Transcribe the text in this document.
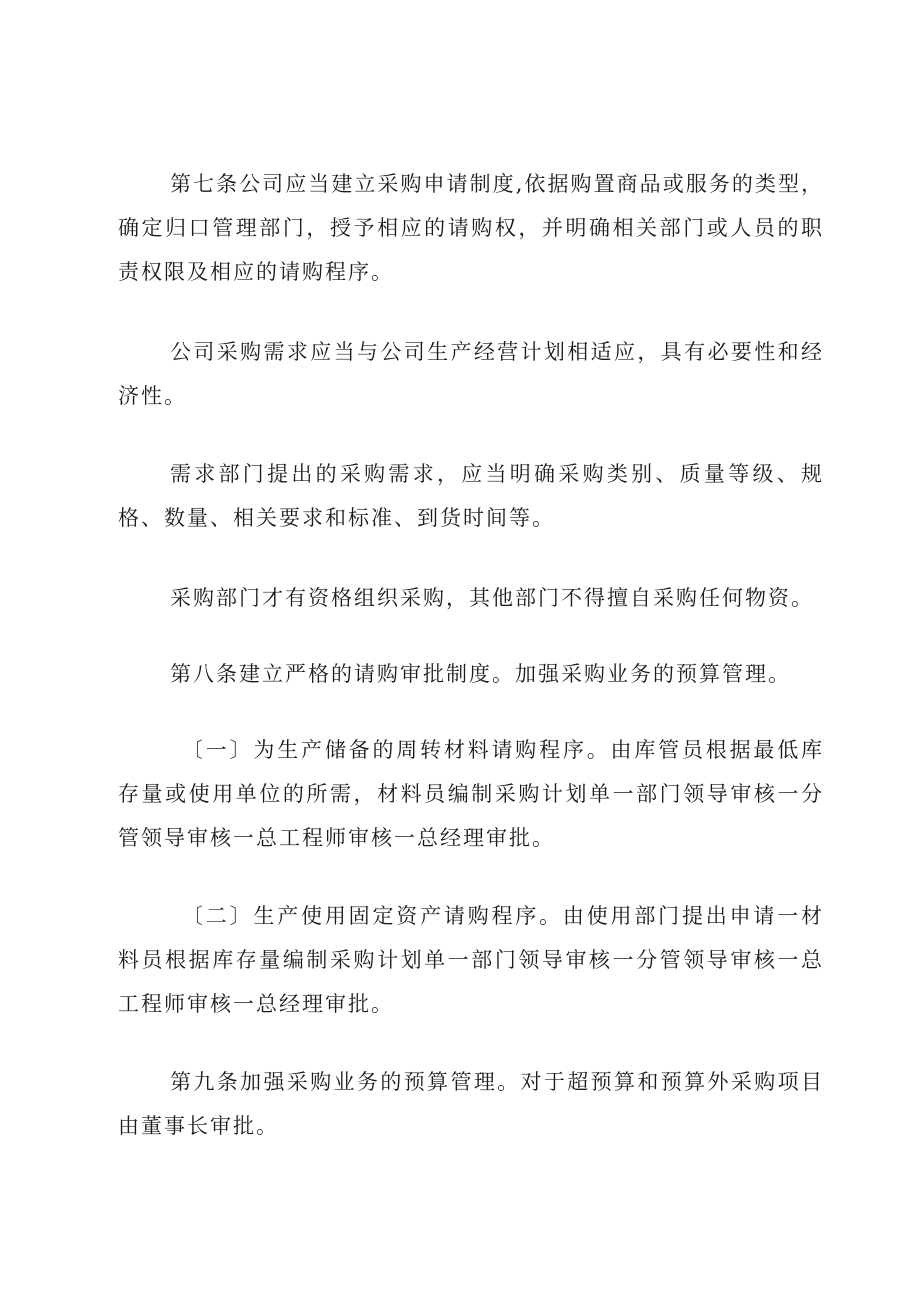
第七条公司应当建立采购申请制度,依据购置商品或服务的类型，确定归口管理部门，授予相应的请购权，并明确相关部门或人员的职责权限及相应的请购程序。

公司采购需求应当与公司生产经营计划相适应，具有必要性和经济性。

需求部门提出的采购需求，应当明确采购类别、质量等级、规格、数量、相关要求和标准、到货时间等。

采购部门才有资格组织采购，其他部门不得擅自采购任何物资。

第八条建立严格的请购审批制度。加强采购业务的预算管理。

〔一〕为生产储备的周转材料请购程序。由库管员根据最低库存量或使用单位的所需，材料员编制采购计划单一部门领导审核一分管领导审核一总工程师审核一总经理审批。

〔二〕生产使用固定资产请购程序。由使用部门提出申请一材料员根据库存量编制采购计划单一部门领导审核一分管领导审核一总工程师审核一总经理审批。

第九条加强采购业务的预算管理。对于超预算和预算外采购项目由董事长审批。
